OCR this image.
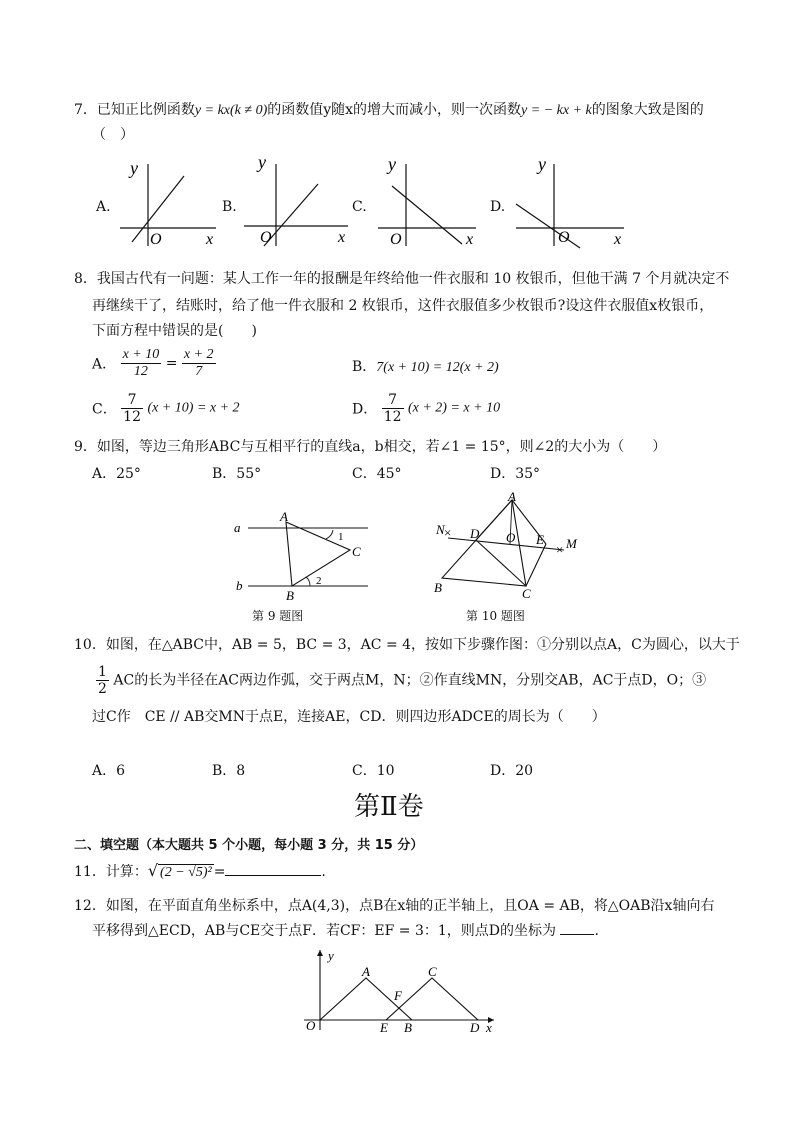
7．已知正比例函数y = kx(k ≠ 0)的函数值y随x的增大而减小，则一次函数y = − kx + k的图象大致是图的
（　）
A.
y
O	x
B.
y
O	x
C.
y
O	x
D.
y
O	x
8．我国古代有一问题：某人工作一年的报酬是年终给他一件衣服和 10 枚银币，但他干满 7 个月就决定不
再继续干了，结账时，给了他一件衣服和 2 枚银币，这件衣服值多少枚银币?设这件衣服值x枚银币，
下面方程中错误的是(　　)
A． $\frac{x + 10}{12} = \frac{x + 2}{7}$	B．7(x + 10) = 12(x + 2)
C． $\frac{7}{12} (x + 10) = x + 2$	D． $\frac{7}{12} (x + 2) = x + 10$
9．如图，等边三角形ABC与互相平行的直线a，b相交，若∠1 = 15°，则∠2的大小为（　　）
A．25°	B．55°	C．45°	D．35°
a
b
A
C
B
1
2
第 9 题图
×
×
A
B	C
D	E
O
N
M
第 10 题图
10．如图，在△ABC中，AB = 5，BC = 3，AC = 4，按如下步骤作图：①分别以点A，C为圆心，以大于
$\frac{1}{2}$ AC的长为半径在AC两边作弧，交于两点M，N；②作直线MN，分别交AB，AC于点D，O；③
过C作　CE // AB交MN于点E，连接AE，CD．则四边形ADCE的周长为（　　）
A．6	B．8	C．10	D．20
第Ⅱ卷
二、填空题（本大题共 5 个小题，每小题 3 分，共 15 分）
11．计算：√ (2 − √5)² =	.
12．如图，在平面直角坐标系中，点A(4,3)，点B在x轴的正半轴上，且OA = AB，将△OAB沿x轴向右
平移得到△ECD，AB与CE交于点F．若CF：EF = 3：1，则点D的坐标为	.
y
x
O
A	C
F
E B	D
